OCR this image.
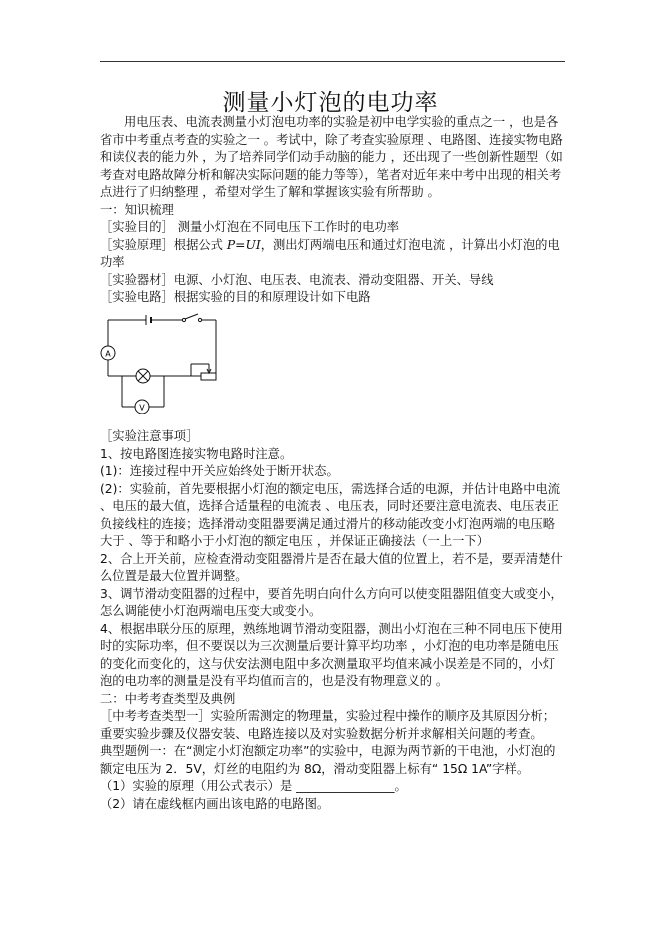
测量小灯泡的电功率

用电压表、电流表测量小灯泡电功率的实验是初中电学实验的重点之一 ，也是各省市中考重点考查的实验之一 。考试中，除了考查实验原理 、电路图、连接实物电路和读仪表的能力外 ，为了培养同学们动手动脑的能力 ，还出现了一些创新性题型（如考查对电路故障分析和解决实际问题的能力等等），笔者对近年来中考中出现的相关考点进行了归纳整理 ，希望对学生了解和掌握该实验有所帮助 。

一：知识梳理

［实验目的］ 测量小灯泡在不同电压下工作时的电功率

［实验原理］根据公式 P=UI，测出灯两端电压和通过灯泡电流 ，计算出小灯泡的电功率

［实验器材］电源、小灯泡、电压表、电流表、滑动变阻器、开关、导线

［实验电路］根据实验的目的和原理设计如下电路

A
V

［实验注意事项］

1、按电路图连接实物电路时注意。

(1)：连接过程中开关应始终处于断开状态。

(2)：实验前，首先要根据小灯泡的额定电压，需选择合适的电源，并估计电路中电流 、电压的最大值，选择合适量程的电流表 、电压表，同时还要注意电流表、电压表正负接线柱的连接；选择滑动变阻器要满足通过滑片的移动能改变小灯泡两端的电压略大于 、等于和略小于小灯泡的额定电压 ，并保证正确接法（一上一下）

2、合上开关前，应检查滑动变阻器滑片是否在最大值的位置上，若不是，要弄清楚什么位置是最大位置并调整。

3、调节滑动变阻器的过程中，要首先明白向什么方向可以使变阻器阻值变大或变小，怎么调能使小灯泡两端电压变大或变小。

4、根据串联分压的原理，熟练地调节滑动变阻器，测出小灯泡在三种不同电压下使用时的实际功率，但不要误以为三次测量后要计算平均功率 ，小灯泡的电功率是随电压的变化而变化的，这与伏安法测电阻中多次测量取平均值来减小误差是不同的，小灯泡的电功率的测量是没有平均值而言的，也是没有物理意义的 。

二：中考考查类型及典例

［中考考查类型一］实验所需测定的物理量，实验过程中操作的顺序及其原因分析；重要实验步骤及仪器安装、电路连接以及对实验数据分析并求解相关问题的考查。

典型题例一：在“测定小灯泡额定功率”的实验中，电源为两节新的干电池，小灯泡的额定电压为 2．5V，灯丝的电阻约为 8Ω，滑动变阻器上标有“ 15Ω 1A”字样。

（1）实验的原理（用公式表示）是 ________________。

（2）请在虚线框内画出该电路的电路图。
